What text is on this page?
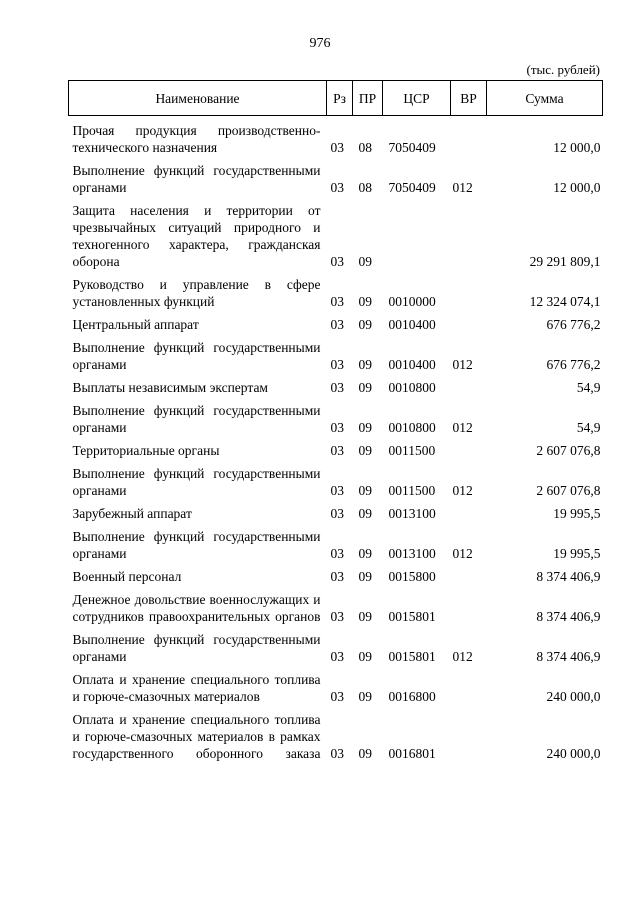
976
(тыс. рублей)
Наименование	Рз	ПР	ЦСР	ВР	Сумма
Прочая продукция производственно-технического назначения	03	08	7050409		12 000,0
Выполнение функций государственными органами	03	08	7050409	012	12 000,0
Защита населения и территории от чрезвычайных ситуаций природного и техногенного характера, гражданская оборона	03	09			29 291 809,1
Руководство и управление в сфере установленных функций	03	09	0010000		12 324 074,1
Центральный аппарат	03	09	0010400		676 776,2
Выполнение функций государственными органами	03	09	0010400	012	676 776,2
Выплаты независимым экспертам	03	09	0010800		54,9
Выполнение функций государственными органами	03	09	0010800	012	54,9
Территориальные органы	03	09	0011500		2 607 076,8
Выполнение функций государственными органами	03	09	0011500	012	2 607 076,8
Зарубежный аппарат	03	09	0013100		19 995,5
Выполнение функций государственными органами	03	09	0013100	012	19 995,5
Военный персонал	03	09	0015800		8 374 406,9
Денежное довольствие военнослужащих и сотрудников правоохранительных органов	03	09	0015801		8 374 406,9
Выполнение функций государственными органами	03	09	0015801	012	8 374 406,9
Оплата и хранение специального топлива и горюче-смазочных материалов	03	09	0016800		240 000,0
Оплата и хранение специального топлива и горюче-смазочных материалов в рамках государственного оборонного заказа	03	09	0016801		240 000,0
